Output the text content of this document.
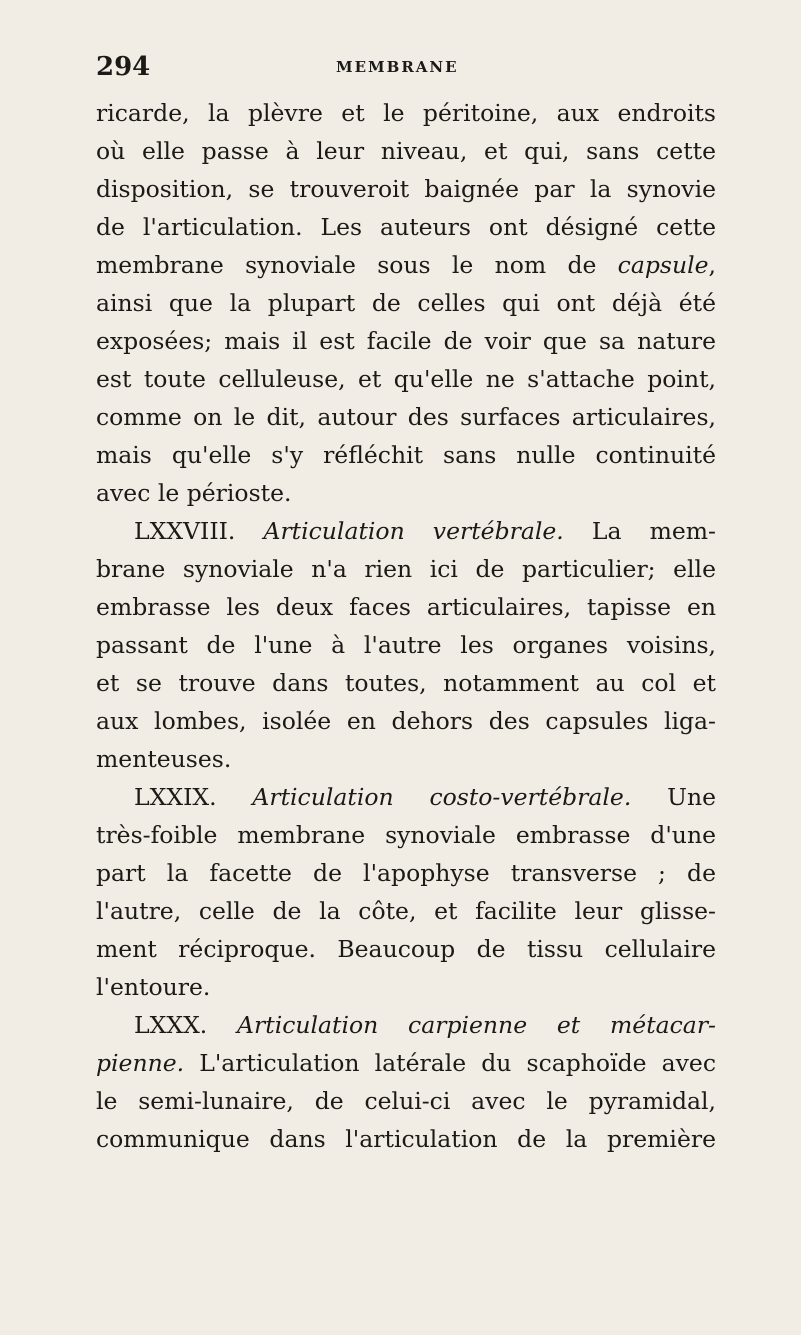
294	MEMBRANE
ricarde, la plèvre et le péritoine, aux endroits
où elle passe à leur niveau, et qui, sans cette
disposition, se trouveroit baignée par la synovie
de l'articulation. Les auteurs ont désigné cette
membrane synoviale sous le nom de capsule,
ainsi que la plupart de celles qui ont déjà été
exposées; mais il est facile de voir que sa nature
est toute celluleuse, et qu'elle ne s'attache point,
comme on le dit, autour des surfaces articulaires,
mais qu'elle s'y réfléchit sans nulle continuité
avec le périoste.
LXXVIII. Articulation vertébrale. La mem-
brane synoviale n'a rien ici de particulier; elle
embrasse les deux faces articulaires, tapisse en
passant de l'une à l'autre les organes voisins,
et se trouve dans toutes, notamment au col et
aux lombes, isolée en dehors des capsules liga-
menteuses.
LXXIX. Articulation costo-vertébrale. Une
très-foible membrane synoviale embrasse d'une
part la facette de l'apophyse transverse ; de
l'autre, celle de la côte, et facilite leur glisse-
ment réciproque. Beaucoup de tissu cellulaire
l'entoure.
LXXX. Articulation carpienne et métacar-
pienne. L'articulation latérale du scaphoïde avec
le semi-lunaire, de celui-ci avec le pyramidal,
communique dans l'articulation de la première
